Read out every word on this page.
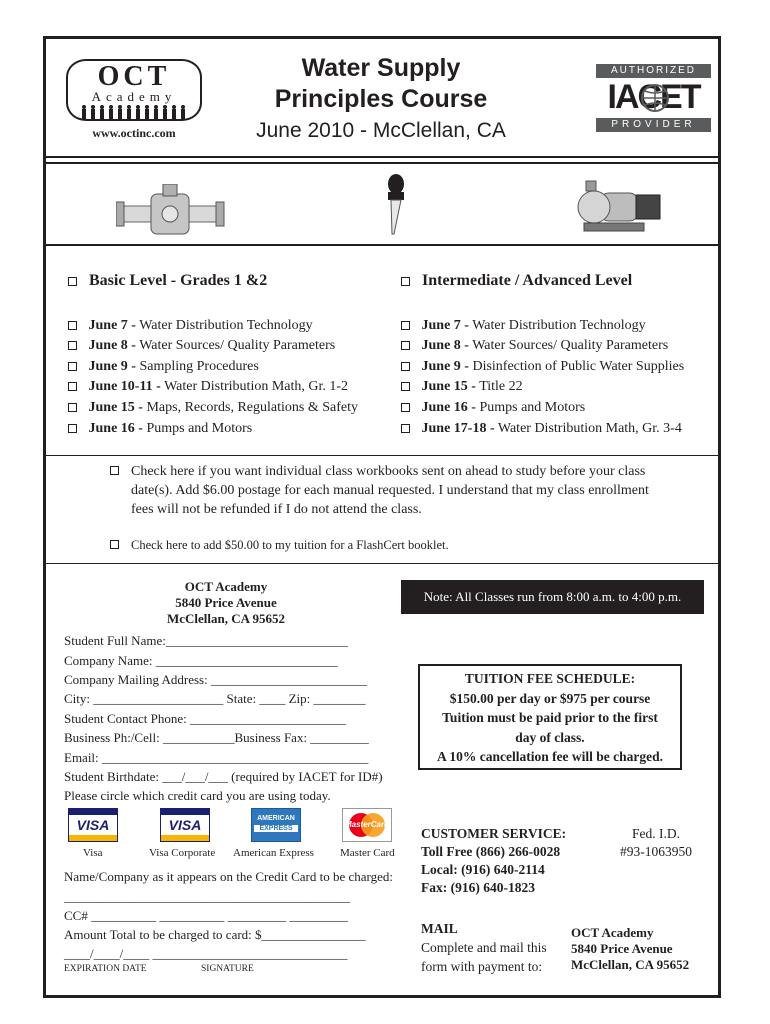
OCT
Academy
www.octinc.com
Water Supply
Principles Course
June 2010 - McClellan, CA
AUTHORIZED
IACET
PROVIDER
Basic Level - Grades 1 &2	Intermediate / Advanced Level
June 7 - Water Distribution Technology
June 8 - Water Sources/ Quality Parameters
June 9 - Sampling Procedures
June 10-11 - Water Distribution Math, Gr. 1-2
June 15 - Maps, Records, Regulations & Safety
June 16 - Pumps and Motors
June 7 - Water Distribution Technology
June 8 - Water Sources/ Quality Parameters
June 9 - Disinfection of Public Water Supplies
June 15 - Title 22
June 16 - Pumps and Motors
June 17-18 - Water Distribution Math, Gr. 3-4
Check here if you want individual class workbooks sent on ahead to study before your class date(s). Add $6.00 postage for each manual requested. I understand that my class enrollment fees will not be refunded if I do not attend the class.
Check here to add $50.00 to my tuition for a FlashCert booklet.
OCT Academy
5840 Price Avenue
McClellan, CA 95652
Note: All Classes run from 8:00 a.m. to 4:00 p.m.
Student Full Name:____________________________
Company Name: ____________________________
Company Mailing Address: ________________________
City: ____________________ State: ____ Zip: ________
Student Contact Phone: ________________________
Business Ph:/Cell: ___________Business Fax: _________
Email: _________________________________________
Student Birthdate: ___/___/___ (required by IACET for ID#)
Please circle which credit card you are using today.
TUITION FEE SCHEDULE:
$150.00 per day or $975 per course
Tuition must be paid prior to the first
day of class.
A 10% cancellation fee will be charged.
VISA
Visa
VISA
Visa Corporate
AMERICAN
EXPRESS
American Express
MasterCard
Master Card
Name/Company as it appears on the Credit Card to be charged:
____________________________________________
CC# __________ __________ _________ _________
Amount Total to be charged to card: $________________
____/____/____ ______________________________
EXPIRATION DATE	SIGNATURE
CUSTOMER SERVICE:
Toll Free (866) 266-0028
Local: (916) 640-2114
Fax: (916) 640-1823
Fed. I.D.
#93-1063950
MAIL
Complete and mail this
form with payment to:
OCT Academy
5840 Price Avenue
McClellan, CA 95652
